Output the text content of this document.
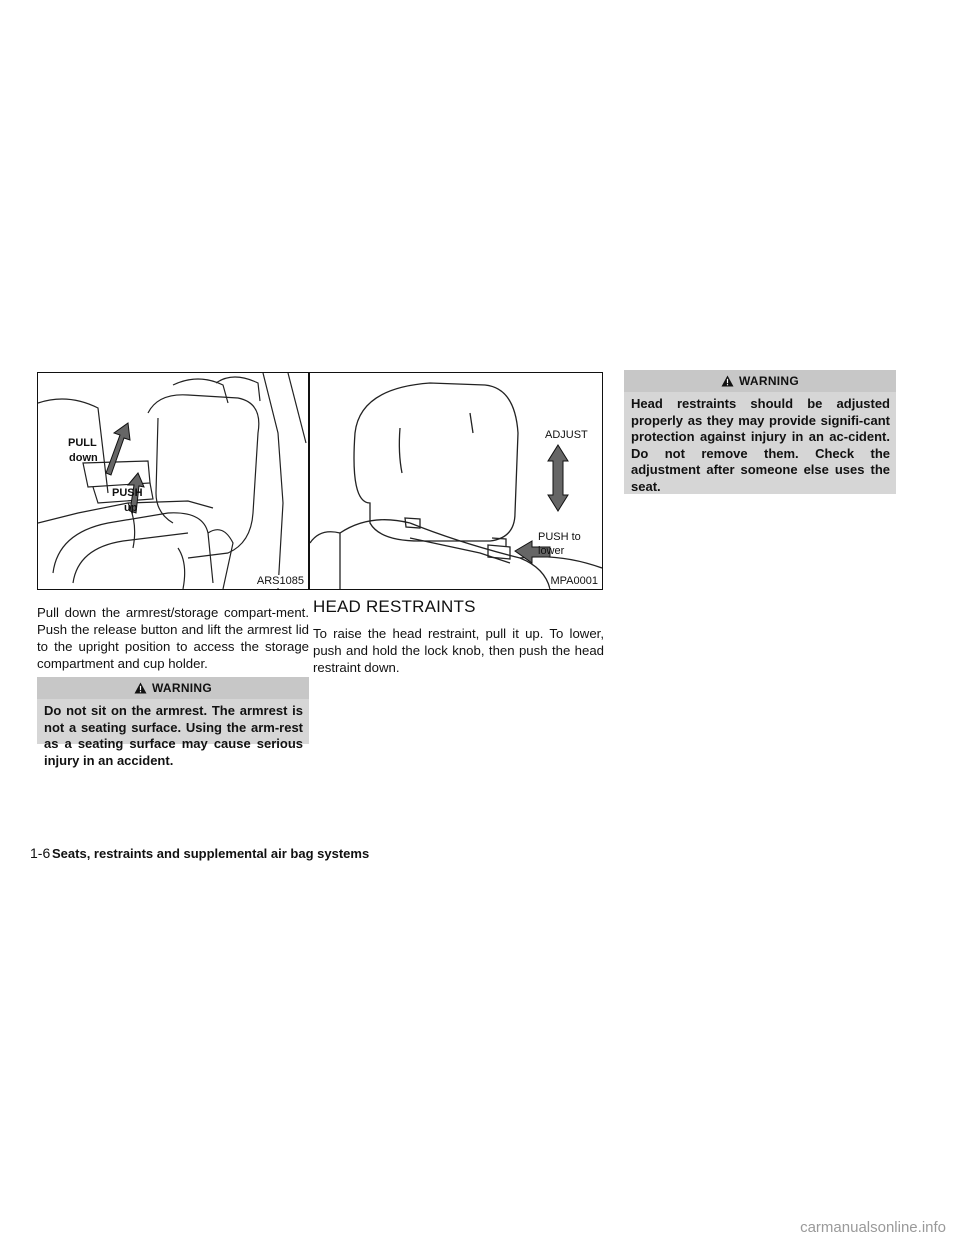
PULL
down
PUSH
up
ARS1085
ADJUST
PUSH to
lower
MPA0001
Pull down the armrest/storage compart-ment. Push the release button and lift the armrest lid to the upright position to access the storage compartment and cup holder.
WARNING
Do not sit on the armrest. The armrest is not a seating surface. Using the arm-rest as a seating surface may cause serious injury in an accident.
HEAD RESTRAINTS
To raise the head restraint, pull it up. To lower, push and hold the lock knob, then push the head restraint down.
WARNING
Head restraints should be adjusted properly as they may provide signifi-cant protection against injury in an ac-cident. Do not remove them. Check the adjustment after someone else uses the seat.
1-6 Seats, restraints and supplemental air bag systems
carmanualsonline.info
